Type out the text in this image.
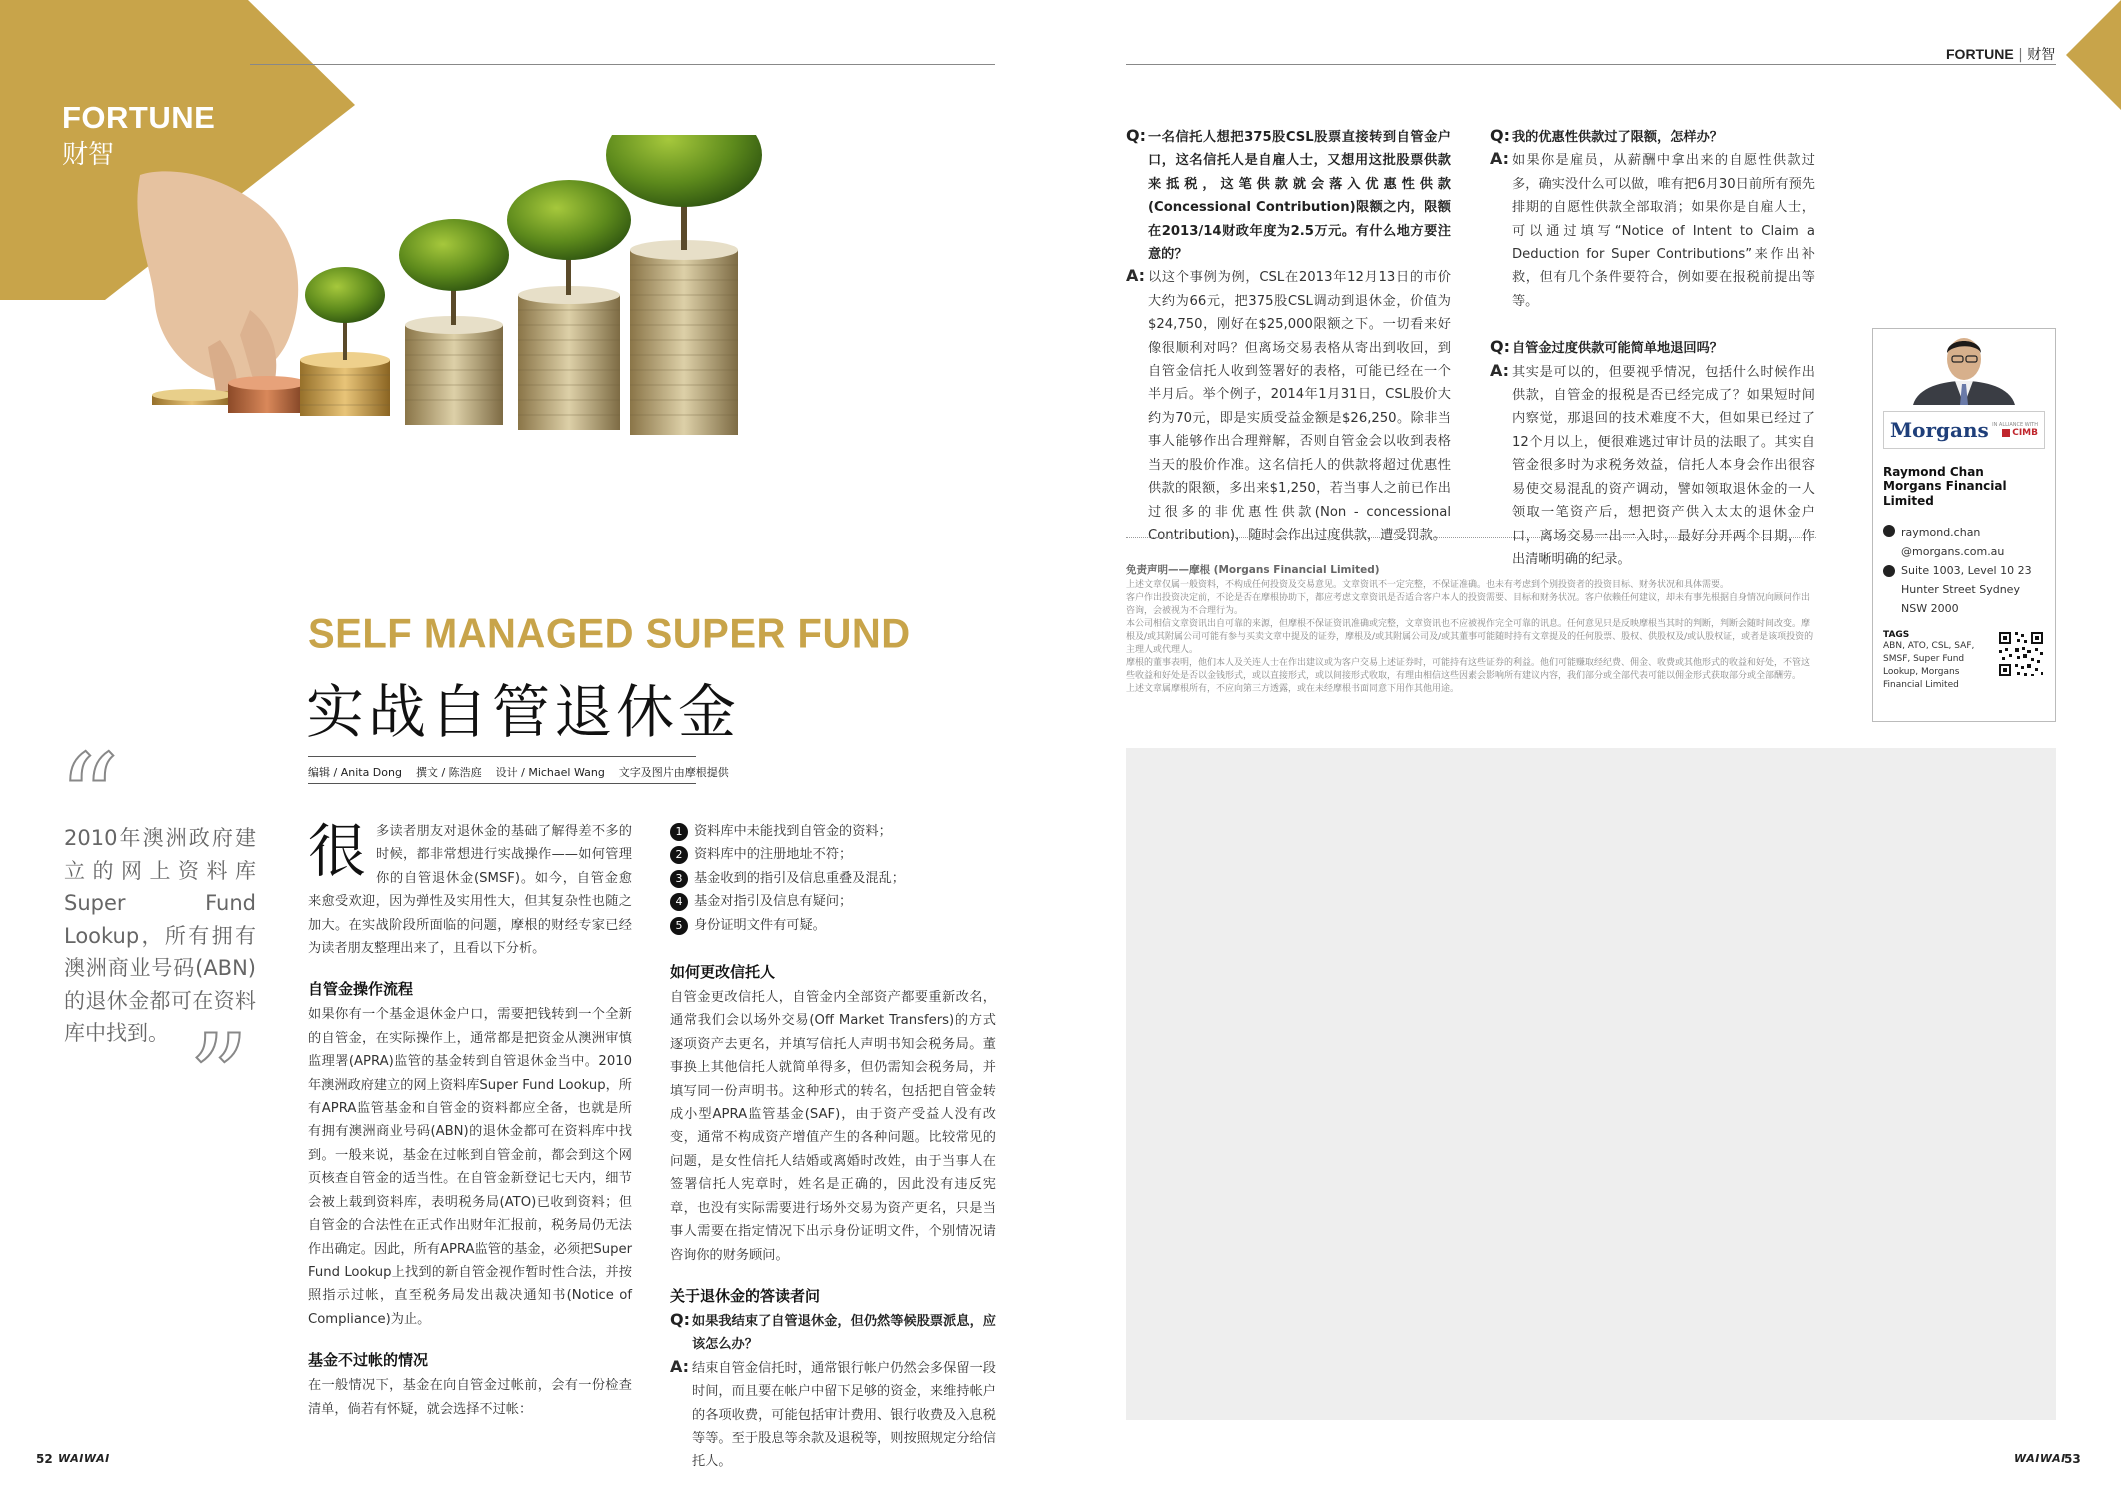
FORTUNE
财智
SELF MANAGED SUPER FUND
实战自管退休金
编辑 / Anita Dong    撰文 / 陈浩庭    设计 / Michael Wang    文字及图片由摩根提供
“
2010年澳洲政府建立的网上资料库Super Fund Lookup，所有拥有澳洲商业号码(ABN)的退休金都可在资料库中找到。 ”
很 多读者朋友对退休金的基础了解得差不多的时候，都非常想进行实战操作——如何管理你的自管退休金(SMSF)。如今，自管金愈来愈受欢迎，因为弹性及实用性大，但其复杂性也随之加大。在实战阶段所面临的问题，摩根的财经专家已经为读者朋友整理出来了，且看以下分析。
自管金操作流程

如果你有一个基金退休金户口，需要把钱转到一个全新的自管金，在实际操作上，通常都是把资金从澳洲审慎监理署(APRA)监管的基金转到自管退休金当中。2010年澳洲政府建立的网上资料库Super Fund Lookup，所有APRA监管基金和自管金的资料都应全备，也就是所有拥有澳洲商业号码(ABN)的退休金都可在资料库中找到。一般来说，基金在过帐到自管金前，都会到这个网页核查自管金的适当性。在自管金新登记七天内，细节会被上载到资料库，表明税务局(ATO)已收到资料；但自管金的合法性在正式作出财年汇报前，税务局仍无法作出确定。因此，所有APRA监管的基金，必须把Super Fund Lookup上找到的新自管金视作暂时性合法，并按照指示过帐，直至税务局发出裁决通知书(Notice of Compliance)为止。

基金不过帐的情况

在一般情况下，基金在向自管金过帐前，会有一份检查清单，倘若有怀疑，就会选择不过帐：

1 资料库中未能找到自管金的资料；
2 资料库中的注册地址不符；
3 基金收到的指引及信息重叠及混乱；
4 基金对指引及信息有疑问；
5 身份证明文件有可疑。
如何更改信托人

自管金更改信托人，自管金内全部资产都要重新改名，通常我们会以场外交易(Off Market Transfers)的方式逐项资产去更名，并填写信托人声明书知会税务局。董事换上其他信托人就简单得多，但仍需知会税务局，并填写同一份声明书。这种形式的转名，包括把自管金转成小型APRA监管基金(SAF)，由于资产受益人没有改变，通常不构成资产增值产生的各种问题。比较常见的问题，是女性信托人结婚或离婚时改姓，由于当事人在签署信托人宪章时，姓名是正确的，因此没有违反宪章，也没有实际需要进行场外交易为资产更名，只是当事人需要在指定情况下出示身份证明文件，个别情况请咨询你的财务顾问。

关于退休金的答读者问
Q: 如果我结束了自管退休金，但仍然等候股票派息，应该怎么办？

A: 结束自管金信托时，通常银行帐户仍然会多保留一段时间，而且要在帐户中留下足够的资金，来维持帐户的各项收费，可能包括审计费用、银行收费及入息税等等。至于股息等余款及退税等，则按照规定分给信托人。

52 WAIWAI
FORTUNE | 财智
Q: 一名信托人想把375股CSL股票直接转到自管金户口，这名信托人是自雇人士，又想用这批股票供款来抵税，这笔供款就会落入优惠性供款(Concessional Contribution)限额之内，限额在2013/14财政年度为2.5万元。有什么地方要注意的？

A: 以这个事例为例，CSL在2013年12月13日的市价大约为66元，把375股CSL调动到退休金，价值为$24,750，刚好在$25,000限额之下。一切看来好像很顺利对吗？但离场交易表格从寄出到收回，到自管金信托人收到签署好的表格，可能已经在一个半月后。举个例子，2014年1月31日，CSL股价大约为70元，即是实质受益金额是$26,250。除非当事人能够作出合理辩解，否则自管金会以收到表格当天的股价作准。这名信托人的供款将超过优惠性供款的限额，多出来$1,250，若当事人之前已作出过很多的非优惠性供款(Non - concessional Contribution)，随时会作出过度供款，遭受罚款。

Q: 我的优惠性供款过了限额，怎样办？

A: 如果你是雇员，从薪酬中拿出来的自愿性供款过多，确实没什么可以做，唯有把6月30日前所有预先排期的自愿性供款全部取消；如果你是自雇人士，可以通过填写“Notice of Intent to Claim a Deduction for Super Contributions”来作出补救，但有几个条件要符合，例如要在报税前提出等等。

Q: 自管金过度供款可能简单地退回吗？

A: 其实是可以的，但要视乎情况，包括什么时候作出供款，自管金的报税是否已经完成了？如果短时间内察觉，那退回的技术难度不大，但如果已经过了12个月以上，便很难逃过审计员的法眼了。其实自管金很多时为求税务效益，信托人本身会作出很容易使交易混乱的资产调动，譬如领取退休金的一人领取一笔资产后，想把资产供入太太的退休金户口，离场交易一出一入时，最好分开两个日期，作出清晰明确的纪录。

免责声明——摩根 (Morgans Financial Limited)

上述文章仅属一般资料，不构成任何投资及交易意见。文章资讯不一定完整，不保证准确。也未有考虑到个别投资者的投资目标、财务状况和具体需要。

客户作出投资决定前，不论是否在摩根协助下，都应考虑文章资讯是否适合客户本人的投资需要、目标和财务状况。客户依赖任何建议，却未有事先根据自身情况向顾问作出咨询，会被视为不合理行为。

本公司相信文章资讯出自可靠的来源，但摩根不保证资讯准确或完整，文章资讯也不应被视作完全可靠的讯息。任何意见只是反映摩根当其时的判断，判断会随时间改变。摩根及/或其附属公司可能有参与买卖文章中提及的证券，摩根及/或其附属公司及/或其董事可能随时持有文章提及的任何股票、股权、供股权及/或认股权证，或者是该项投资的主理人或代理人。

摩根的董事表明，他们本人及关连人士在作出建议或为客户交易上述证券时，可能持有这些证券的利益。他们可能赚取经纪费、佣金、收费或其他形式的收益和好处，不管这些收益和好处是否以金钱形式，或以直接形式，或以间接形式收取，有理由相信这些因素会影响所有建议内容，我们部分或全部代表可能以佣金形式获取部分或全部酬劳。

上述文章属摩根所有，不应向第三方透露，或在未经摩根书面同意下用作其他用途。

Morgans IN ALLIANCE WITH
CIMB
Raymond Chan
Morgans Financial Limited
raymond.chan @morgans.com.au
Suite 1003, Level 10 23 Hunter Street Sydney NSW 2000
TAGS
ABN, ATO, CSL, SAF, SMSF, Super Fund Lookup, Morgans Financial Limited
WAIWAI
53
